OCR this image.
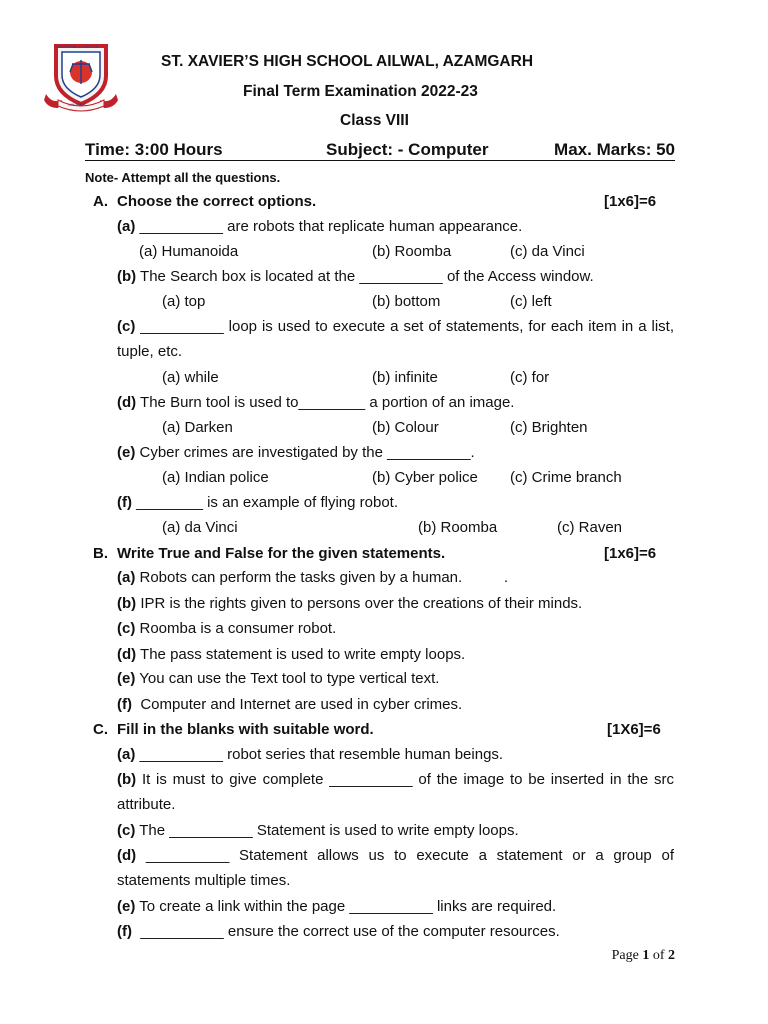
DISCIPLINE & JUSTICE
XAVIER'S
ST. XAVIER’S HIGH SCHOOL AILWAL, AZAMGARH
Final Term Examination 2022-23
Class VIII
Time: 3:00 Hours	Subject: - Computer	Max. Marks: 50
Note- Attempt all the questions.
A. Choose the correct options.	[1x6]=6
(a) __________ are robots that replicate human appearance.
(a) Humanoida	(b) Roomba	(c) da Vinci
(b) The Search box is located at the __________ of the Access window.
(a) top	(b) bottom	(c) left
(c) __________ loop is used to execute a set of statements, for each item in a list, tuple, etc.
(a) while	(b) infinite	(c) for
(d) The Burn tool is used to________ a portion of an image.
(a) Darken	(b) Colour	(c) Brighten
(e) Cyber crimes are investigated by the __________.
(a) Indian police	(b) Cyber police (c) Crime branch
(f) ________ is an example of flying robot.
(a) da Vinci	(b) Roomba	(c) Raven
B. Write True and False for the given statements.	[1x6]=6
(a) Robots can perform the tasks given by a human.          .
(b) IPR is the rights given to persons over the creations of their minds.
(c) Roomba is a consumer robot.
(d) The pass statement is used to write empty loops.
(e) You can use the Text tool to type vertical text.
(f)  Computer and Internet are used in cyber crimes.
C. Fill in the blanks with suitable word.	[1X6]=6
(a) __________ robot series that resemble human beings.
(b) It is must to give complete __________ of the image to be inserted in the src attribute.
(c) The __________ Statement is used to write empty loops.
(d) __________ Statement allows us to execute a statement or a group of statements multiple times.
(e) To create a link within the page __________ links are required.
(f)  __________ ensure the correct use of the computer resources.
Page 1 of 2
